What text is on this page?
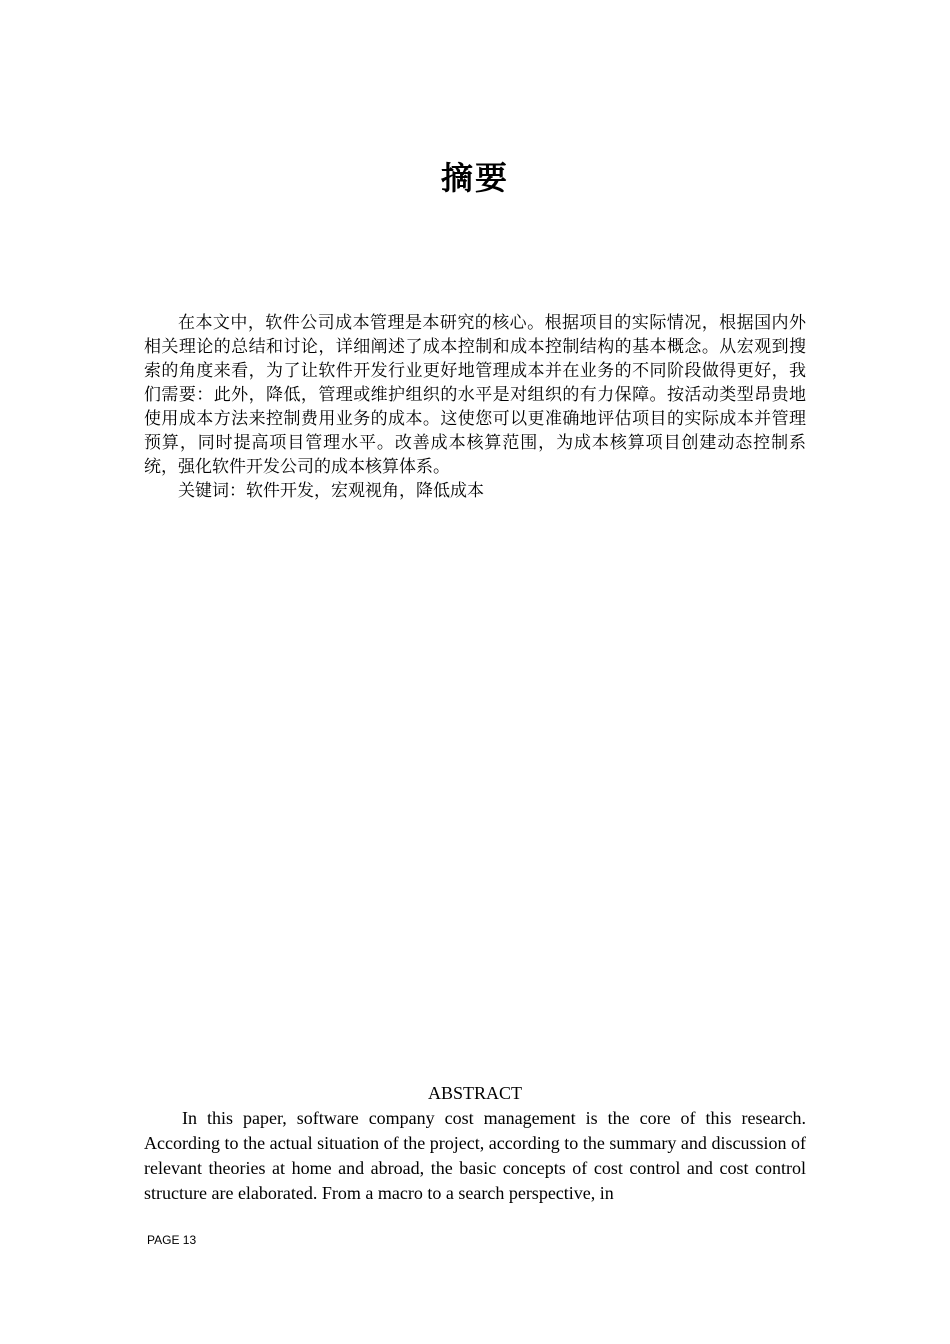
摘要

在本文中，软件公司成本管理是本研究的核心。根据项目的实际情况，根据国内外相关理论的总结和讨论，详细阐述了成本控制和成本控制结构的基本概念。从宏观到搜索的角度来看，为了让软件开发行业更好地管理成本并在业务的不同阶段做得更好，我们需要：此外，降低，管理或维护组织的水平是对组织的有力保障。按活动类型昂贵地使用成本方法来控制费用业务的成本。这使您可以更准确地评估项目的实际成本并管理预算，同时提高项目管理水平。改善成本核算范围，为成本核算项目创建动态控制系统，强化软件开发公司的成本核算体系。

关键词：软件开发，宏观视角，降低成本

ABSTRACT

In this paper, software company cost management is the core of this research. According to the actual situation of the project, according to the summary and discussion of relevant theories at home and abroad, the basic concepts of cost control and cost control structure are elaborated. From a macro to a search perspective, in

PAGE 13
